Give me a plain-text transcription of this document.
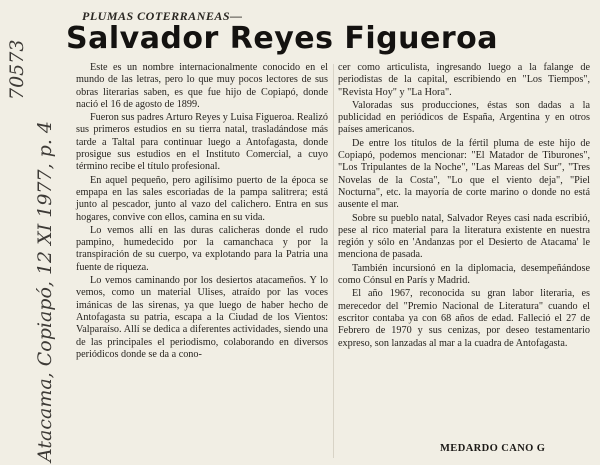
70573
Atacama, Copiapó, 12 XI 1977, p. 4
PLUMAS COTERRANEAS—
Salvador Reyes Figueroa

Este es un nombre internacionalmente conocido en el mundo de las letras, pero lo que muy pocos lectores de sus obras literarias saben, es que fue hijo de Copiapó, donde nació el 16 de agosto de 1899.

Fueron sus padres Arturo Reyes y Luisa Figueroa. Realizó sus primeros estudios en su tierra natal, trasladándose más tarde a Taltal para continuar luego a Antofagasta, donde prosigue sus estudios en el Instituto Comercial, a cuyo término recibe el título profesional.

En aquel pequeño, pero agilísimo puerto de la época se empapa en las sales escoriadas de la pampa salitrera; está junto al pescador, junto al vazo del calichero. Entra en sus hogares, convive con ellos, camina en su vida.

Lo vemos allí en las duras calicheras donde el rudo pampino, humedecido por la camanchaca y por la transpiración de su cuerpo, va explotando para la Patria una fuente de riqueza.

Lo vemos caminando por los desiertos atacameños. Y lo vemos, como un material Ulises, atraído por las voces imánicas de las sirenas, ya que luego de haber hecho de Antofagasta su patria, escapa a la Ciudad de los Vientos: Valparaíso. Allí se dedica a diferentes actividades, siendo una de las principales el periodismo, colaborando en diversos periódicos donde se da a cono-

cer como articulista, ingresando luego a la falange de periodistas de la capital, escribiendo en "Los Tiempos", "Revista Hoy" y "La Hora".

Valoradas sus producciones, éstas son dadas a la publicidad en periódicos de España, Argentina y en otros países americanos.

De entre los títulos de la fértil pluma de este hijo de Copiapó, podemos mencionar: "El Matador de Tiburones", "Los Tripulantes de la Noche", "Las Mareas del Sur", "Tres Novelas de la Costa", "Lo que el viento deja", "Piel Nocturna", etc. la mayoría de corte marino o donde no está ausente el mar.

Sobre su pueblo natal, Salvador Reyes casi nada escribió, pese al rico material para la literatura existente en nuestra región y sólo en 'Andanzas por el Desierto de Atacama' le menciona de pasada.

También incursionó en la diplomacia, desempeñándose como Cónsul en París y Madrid.

El año 1967, reconocida su gran labor literaria, es merecedor del "Premio Nacional de Literatura" cuando el escritor contaba ya con 68 años de edad. Falleció el 27 de Febrero de 1970 y sus cenizas, por deseo testamentario expreso, son lanzadas al mar a la cuadra de Antofagasta.

MEDARDO CANO G
